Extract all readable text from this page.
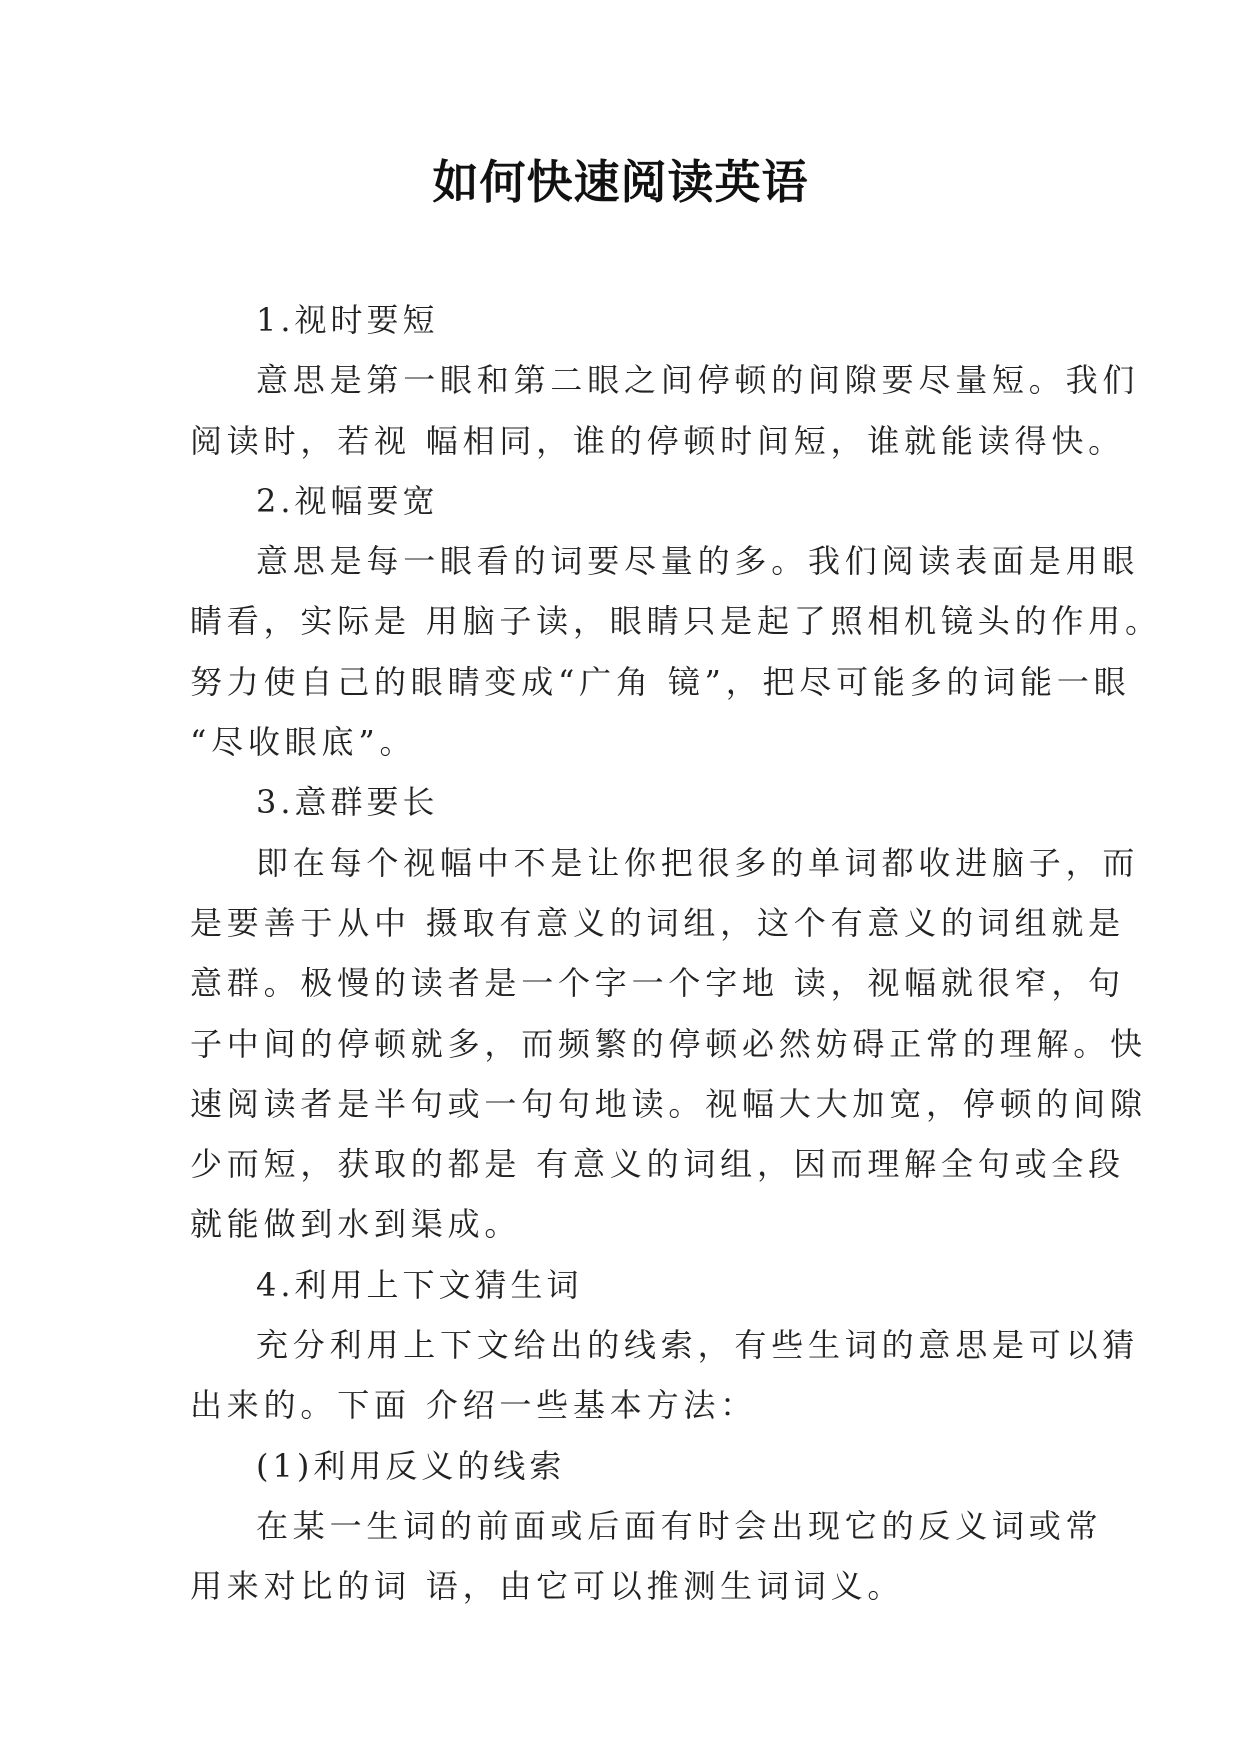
如何快速阅读英语
1.视时要短
意思是第一眼和第二眼之间停顿的间隙要尽量短。我们
阅读时，若视 幅相同，谁的停顿时间短，谁就能读得快。
2.视幅要宽
意思是每一眼看的词要尽量的多。我们阅读表面是用眼
睛看，实际是 用脑子读，眼睛只是起了照相机镜头的作用。
努力使自己的眼睛变成“广角 镜”，把尽可能多的词能一眼
“尽收眼底”。
3.意群要长
即在每个视幅中不是让你把很多的单词都收进脑子，而
是要善于从中 摄取有意义的词组，这个有意义的词组就是
意群。极慢的读者是一个字一个字地 读，视幅就很窄，句
子中间的停顿就多，而频繁的停顿必然妨碍正常的理解。快
速阅读者是半句或一句句地读。视幅大大加宽，停顿的间隙
少而短，获取的都是 有意义的词组，因而理解全句或全段
就能做到水到渠成。
4.利用上下文猜生词
充分利用上下文给出的线索，有些生词的意思是可以猜
出来的。下面 介绍一些基本方法：
(1)利用反义的线索
在某一生词的前面或后面有时会出现它的反义词或常
用来对比的词 语，由它可以推测生词词义。
